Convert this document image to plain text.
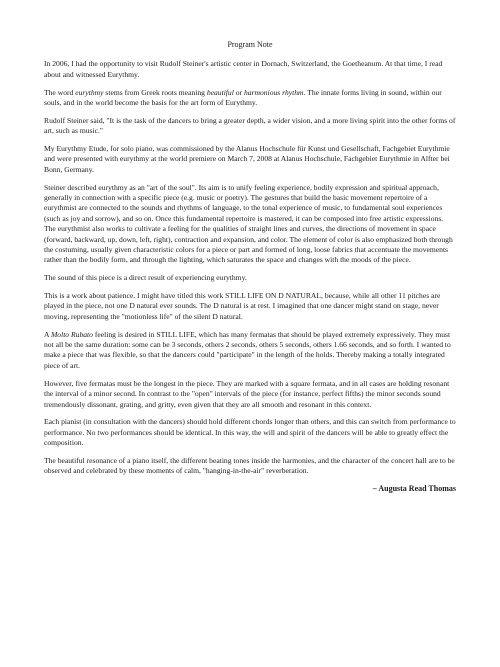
Program Note

In 2006, I had the opportunity to visit Rudolf Steiner's artistic center in Dornach, Switzerland, the Goetheanum. At that time, I read about and witnessed Eurythmy.

The word eurythmy stems from Greek roots meaning beautiful or harmonious rhythm. The innate forms living in sound, within our souls, and in the world become the basis for the art form of Eurythmy.

Rudolf Steiner said, "It is the task of the dancers to bring a greater depth, a wider vision, and a more living spirit into the other forms of art, such as music."

My Eurythmy Etude, for solo piano, was commissioned by the Alanus Hochschule für Kunst und Gesellschaft, Fachgebiet Eurythmie and were presented with eurythmy at the world premiere on March 7, 2008 at Alanus Hochschule, Fachgebiet Eurythmie in Alfter bei Bonn, Germany.

Steiner described eurythmy as an "art of the soul". Its aim is to unify feeling experience, bodily expression and spiritual approach, generally in connection with a specific piece (e.g. music or poetry). The gestures that build the basic movement repertoire of a eurythmist are connected to the sounds and rhythms of language, to the tonal experience of music, to fundamental soul experiences (such as joy and sorrow), and so on. Once this fundamental repertoire is mastered, it can be composed into free artistic expressions. The eurythmist also works to cultivate a feeling for the qualities of straight lines and curves, the directions of movement in space (forward, backward, up, down, left, right), contraction and expansion, and color. The element of color is also emphasized both through the costuming, usually given characteristic colors for a piece or part and formed of long, loose fabrics that accentuate the movements rather than the bodily form, and through the lighting, which saturates the space and changes with the moods of the piece.

The sound of this piece is a direct result of experiencing eurythmy.

This is a work about patience. I might have titled this work STILL LIFE ON D NATURAL, because, while all other 11 pitches are played in the piece, not one D natural ever sounds. The D natural is at rest. I imagined that one dancer might stand on stage, never moving, representing the "motionless life" of the silent D natural.

A Molto Rubato feeling is desired in STILL LIFE, which has many fermatas that should be played extremely expressively. They must not all be the same duration: some can be 3 seconds, others 2 seconds, others 5 seconds, others 1.66 seconds, and so forth. I wanted to make a piece that was flexible, so that the dancers could "participate" in the length of the holds. Thereby making a totally integrated piece of art.

However, five fermatas must be the longest in the piece. They are marked with a square fermata, and in all cases are holding resonant the interval of a minor second. In contrast to the "open" intervals of the piece (for instance, perfect fifths) the minor seconds sound tremendously dissonant, grating, and gritty, even given that they are all smooth and resonant in this context.

Each pianist (in consultation with the dancers) should hold different chords longer than others, and this can switch from performance to performance. No two performances should be identical. In this way, the will and spirit of the dancers will be able to greatly effect the composition.

The beautiful resonance of a piano itself, the different beating tones inside the harmonies, and the character of the concert hall are to be observed and celebrated by these moments of calm, "hanging-in-the-air" reverberation.

– Augusta Read Thomas
